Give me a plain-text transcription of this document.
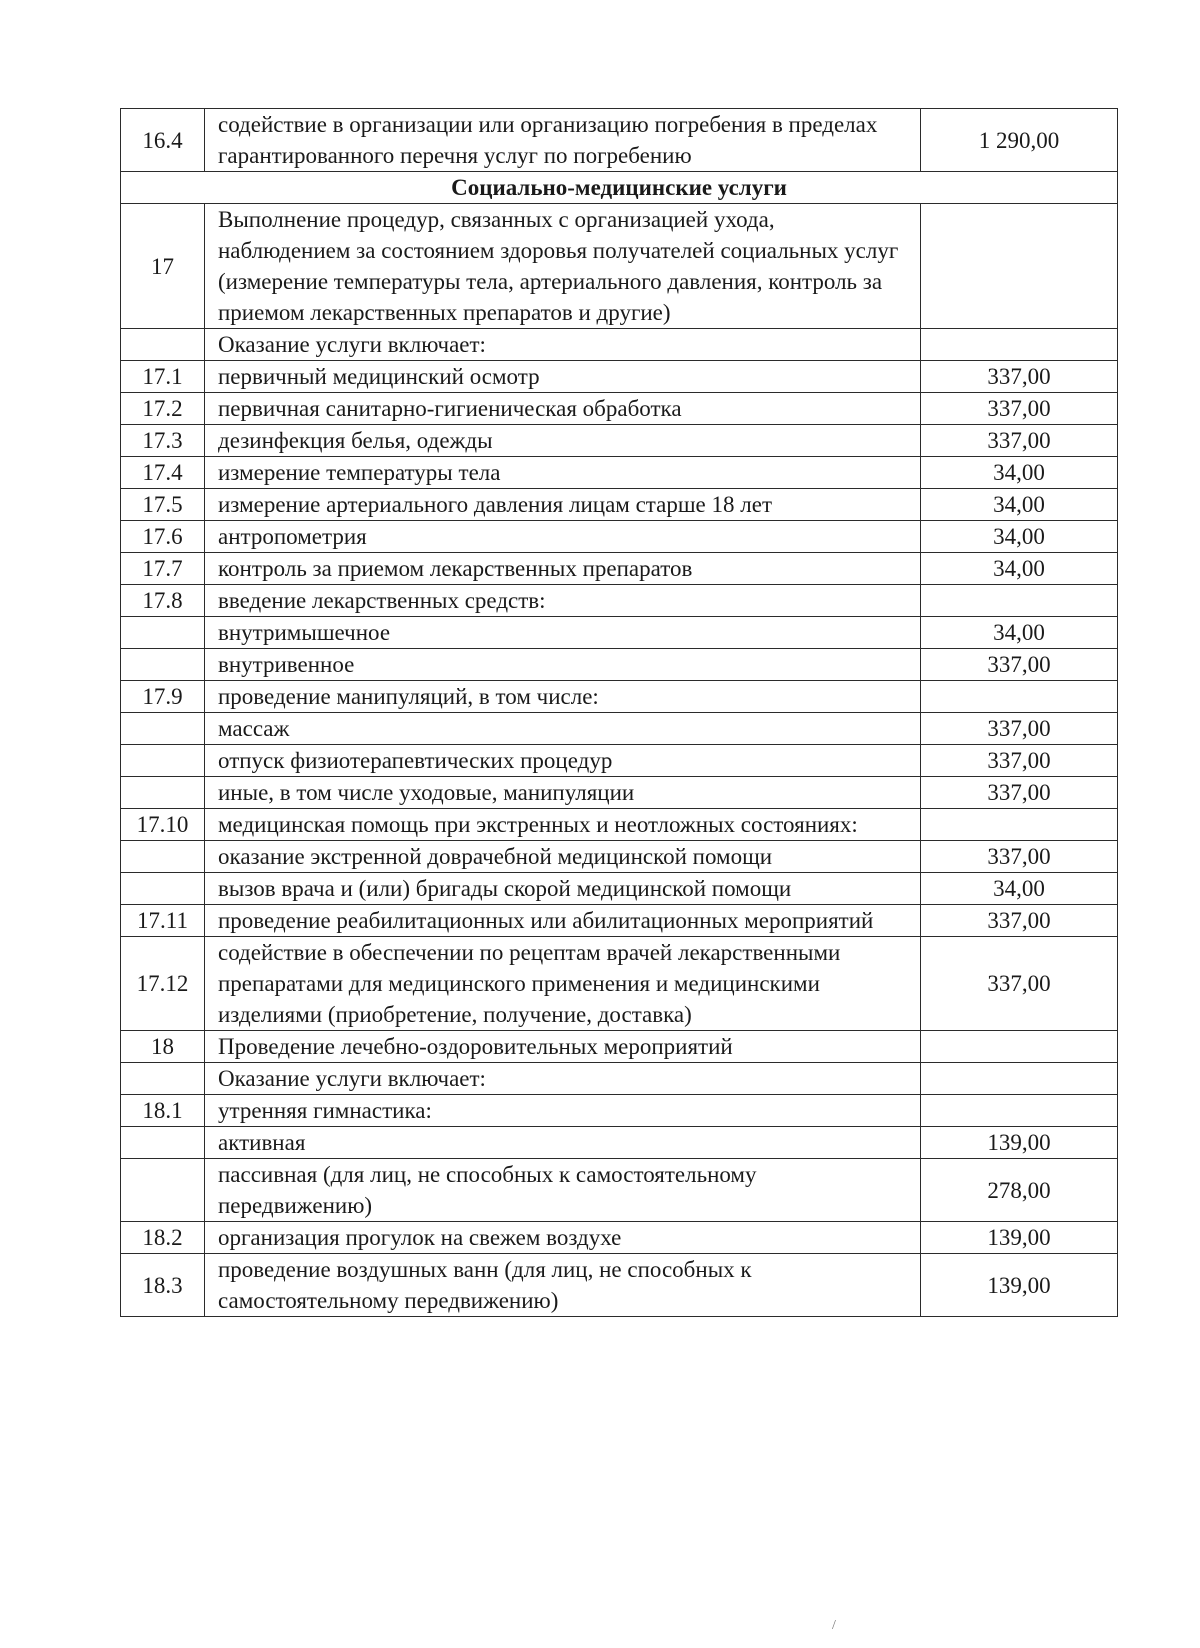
16.4	содействие в организации или организацию погребения в пределах гарантированного перечня услуг по погребению	1 290,00
Социально-медицинские услуги		
17	Выполнение процедур, связанных с организацией ухода, наблюдением за состоянием здоровья получателей социальных услуг (измерение температуры тела, артериального давления, контроль за приемом лекарственных препаратов и другие)	
	Оказание услуги включает:	
17.1	первичный медицинский осмотр	337,00
17.2	первичная санитарно-гигиеническая обработка	337,00
17.3	дезинфекция белья, одежды	337,00
17.4	измерение температуры тела	34,00
17.5	измерение артериального давления лицам старше 18 лет	34,00
17.6	антропометрия	34,00
17.7	контроль за приемом лекарственных препаратов	34,00
17.8	введение лекарственных средств:	
	внутримышечное	34,00
	внутривенное	337,00
17.9	проведение манипуляций, в том числе:	
	массаж	337,00
	отпуск физиотерапевтических процедур	337,00
	иные, в том числе уходовые, манипуляции	337,00
17.10	медицинская помощь при экстренных и неотложных состояниях:	
	оказание экстренной доврачебной медицинской помощи	337,00
	вызов врача и (или) бригады скорой медицинской помощи	34,00
17.11	проведение реабилитационных или абилитационных мероприятий	337,00
17.12	содействие в обеспечении по рецептам врачей лекарственными препаратами для медицинского применения и медицинскими изделиями (приобретение, получение, доставка)	337,00
18	Проведение лечебно-оздоровительных мероприятий	
	Оказание услуги включает:	
18.1	утренняя гимнастика:	
	активная	139,00
	пассивная (для лиц, не способных к самостоятельному передвижению)	278,00
18.2	организация прогулок на свежем воздухе	139,00
18.3	проведение воздушных ванн (для лиц, не способных к самостоятельному передвижению)	139,00
/
